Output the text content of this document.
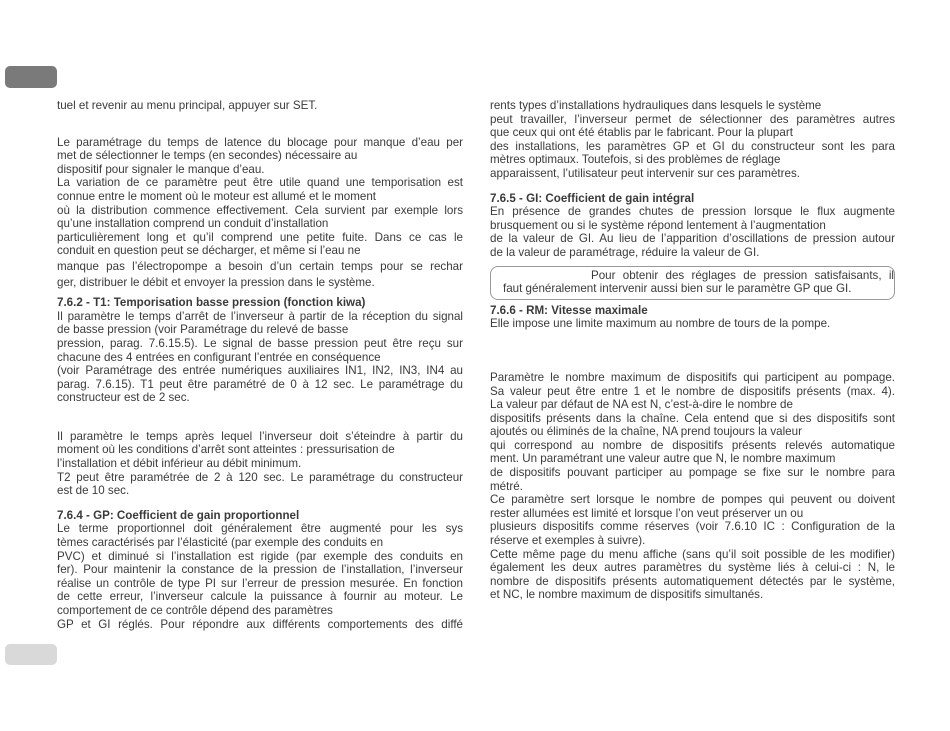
tuel et revenir au menu principal, appuyer sur SET.

Le paramétrage du temps de latence du blocage pour manque d’eau per

met de sélectionner le temps (en secondes) nécessaire au

dispositif pour signaler le manque d’eau.

La variation de ce paramètre peut être utile quand une temporisation est

connue entre le moment où le moteur est allumé et le moment

où la distribution commence effectivement. Cela survient par exemple lors

qu’une installation comprend un conduit d’installation

particulièrement long et qu’il comprend une petite fuite. Dans ce cas le

conduit en question peut se décharger, et même si l’eau ne

manque pas l’électropompe a besoin d’un certain temps pour se rechar

ger, distribuer le débit et envoyer la pression dans le système.

7.6.2 - T1: Temporisation basse pression (fonction kiwa)

Il paramètre le temps d’arrêt de l’inverseur à partir de la réception du signal

de basse pression (voir Paramétrage du relevé de basse

pression, parag. 7.6.15.5). Le signal de basse pression peut être reçu sur

chacune des 4 entrées en configurant l’entrée en conséquence

(voir Paramétrage des entrée numériques auxiliaires IN1, IN2, IN3, IN4 au

parag. 7.6.15). T1 peut être paramétré de 0 à 12 sec. Le paramétrage du

constructeur est de 2 sec.

Il paramètre le temps après lequel l’inverseur doit s’éteindre à partir du

moment où les conditions d’arrêt sont atteintes : pressurisation de

l’installation et débit inférieur au débit minimum.

T2 peut être paramétrée de 2 à 120 sec. Le paramétrage du constructeur

est de 10 sec.

7.6.4 - GP: Coefficient de gain proportionnel

Le terme proportionnel doit généralement être augmenté pour les sys

tèmes caractérisés par l’élasticité (par exemple des conduits en

PVC) et diminué si l’installation est rigide (par exemple des conduits en

fer). Pour maintenir la constance de la pression de l’installation, l’inverseur

réalise un contrôle de type PI sur l’erreur de pression mesurée. En fonction

de cette erreur, l’inverseur calcule la puissance à fournir au moteur. Le

comportement de ce contrôle dépend des paramètres

GP et GI réglés. Pour répondre aux différents comportements des diffé

rents types d’installations hydrauliques dans lesquels le système

peut travailler, l’inverseur permet de sélectionner des paramètres autres

que ceux qui ont été établis par le fabricant. Pour la plupart

des installations, les paramètres GP et GI du constructeur sont les para

mètres optimaux. Toutefois, si des problèmes de réglage

apparaissent, l’utilisateur peut intervenir sur ces paramètres.

7.6.5 - GI: Coefficient de gain intégral

En présence de grandes chutes de pression lorsque le flux augmente

brusquement ou si le système répond lentement à l’augmentation

de la valeur de GI. Au lieu de l’apparition d’oscillations de pression autour

de la valeur de paramétrage, réduire la valeur de GI.

Pour obtenir des réglages de pression satisfaisants, il

faut généralement intervenir aussi bien sur le paramètre GP que GI.

7.6.6 - RM: Vitesse maximale

Elle impose une limite maximum au nombre de tours de la pompe.

Paramètre le nombre maximum de dispositifs qui participent au pompage.

Sa valeur peut être entre 1 et le nombre de dispositifs présents (max. 4).

La valeur par défaut de NA est N, c’est-à-dire le nombre de

dispositifs présents dans la chaîne. Cela entend que si des dispositifs sont

ajoutés ou éliminés de la chaîne, NA prend toujours la valeur

qui correspond au nombre de dispositifs présents relevés automatique

ment. Un paramétrant une valeur autre que N, le nombre maximum

de dispositifs pouvant participer au pompage se fixe sur le nombre para

métré.

Ce paramètre sert lorsque le nombre de pompes qui peuvent ou doivent

rester allumées est limité et lorsque l’on veut préserver un ou

plusieurs dispositifs comme réserves (voir 7.6.10 IC : Configuration de la

réserve et exemples à suivre).

Cette même page du menu affiche (sans qu’il soit possible de les modifier)

également les deux autres paramètres du système liés à celui-ci : N, le

nombre de dispositifs présents automatiquement détectés par le système,

et NC, le nombre maximum de dispositifs simultanés.
